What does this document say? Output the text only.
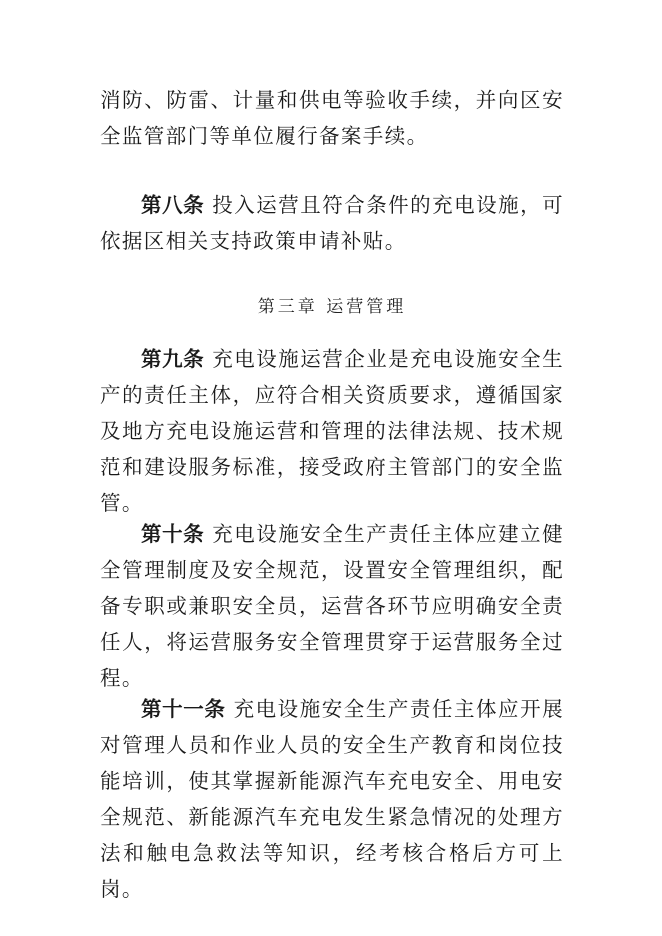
消防、防雷、计量和供电等验收手续，并向区安全监管部门等单位履行备案手续。

第八条 投入运营且符合条件的充电设施，可依据区相关支持政策申请补贴。

第三章 运营管理

第九条 充电设施运营企业是充电设施安全生产的责任主体，应符合相关资质要求，遵循国家及地方充电设施运营和管理的法律法规、技术规范和建设服务标准，接受政府主管部门的安全监管。

第十条 充电设施安全生产责任主体应建立健全管理制度及安全规范，设置安全管理组织，配备专职或兼职安全员，运营各环节应明确安全责任人，将运营服务安全管理贯穿于运营服务全过程。

第十一条 充电设施安全生产责任主体应开展对管理人员和作业人员的安全生产教育和岗位技能培训，使其掌握新能源汽车充电安全、用电安全规范、新能源汽车充电发生紧急情况的处理方法和触电急救法等知识，经考核合格后方可上岗。
